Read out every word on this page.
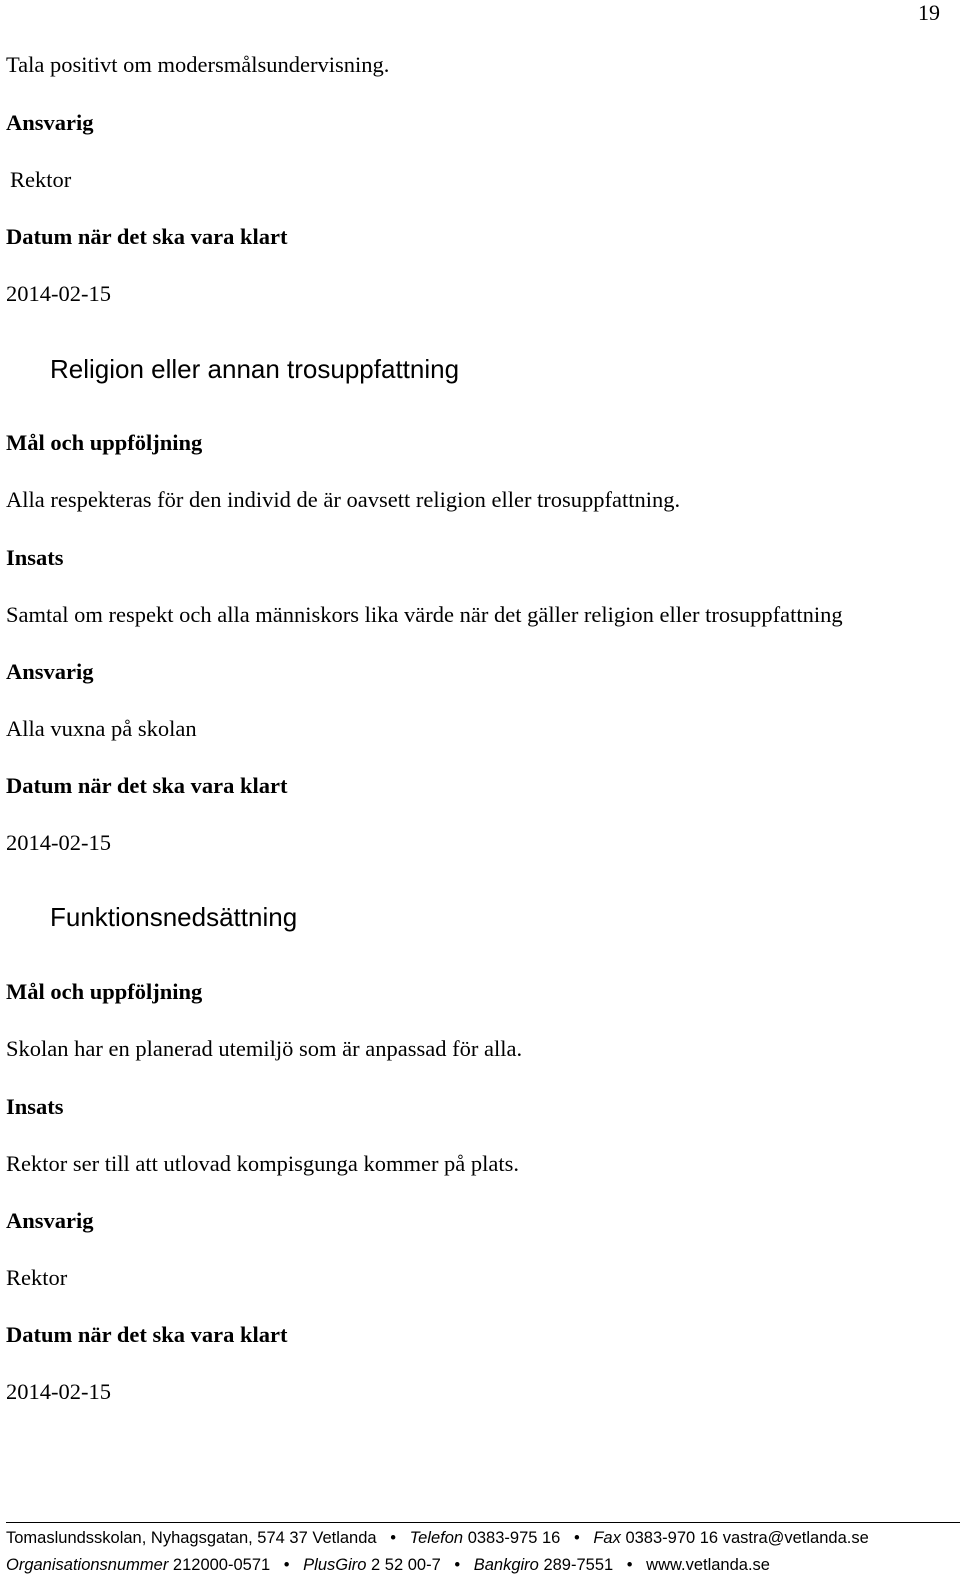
19
Tala positivt om modersmålsundervisning.
Ansvarig
Rektor
Datum när det ska vara klart
2014-02-15
Religion eller annan trosuppfattning
Mål och uppföljning
Alla respekteras för den individ de är oavsett religion eller trosuppfattning.
Insats
Samtal om respekt och alla människors lika värde när det gäller religion eller trosuppfattning
Ansvarig
Alla vuxna på skolan
Datum när det ska vara klart
2014-02-15
Funktionsnedsättning
Mål och uppföljning
Skolan har en planerad utemiljö som är anpassad för alla.
Insats
Rektor ser till att utlovad kompisgunga kommer på plats.
Ansvarig
Rektor
Datum när det ska vara klart
2014-02-15
Tomaslundsskolan, Nyhagsgatan, 574 37 Vetlanda • Telefon 0383-975 16 • Fax 0383-970 16 vastra@vetlanda.se
Organisationsnummer 212000-0571 • PlusGiro 2 52 00-7 • Bankgiro 289-7551 • www.vetlanda.se
